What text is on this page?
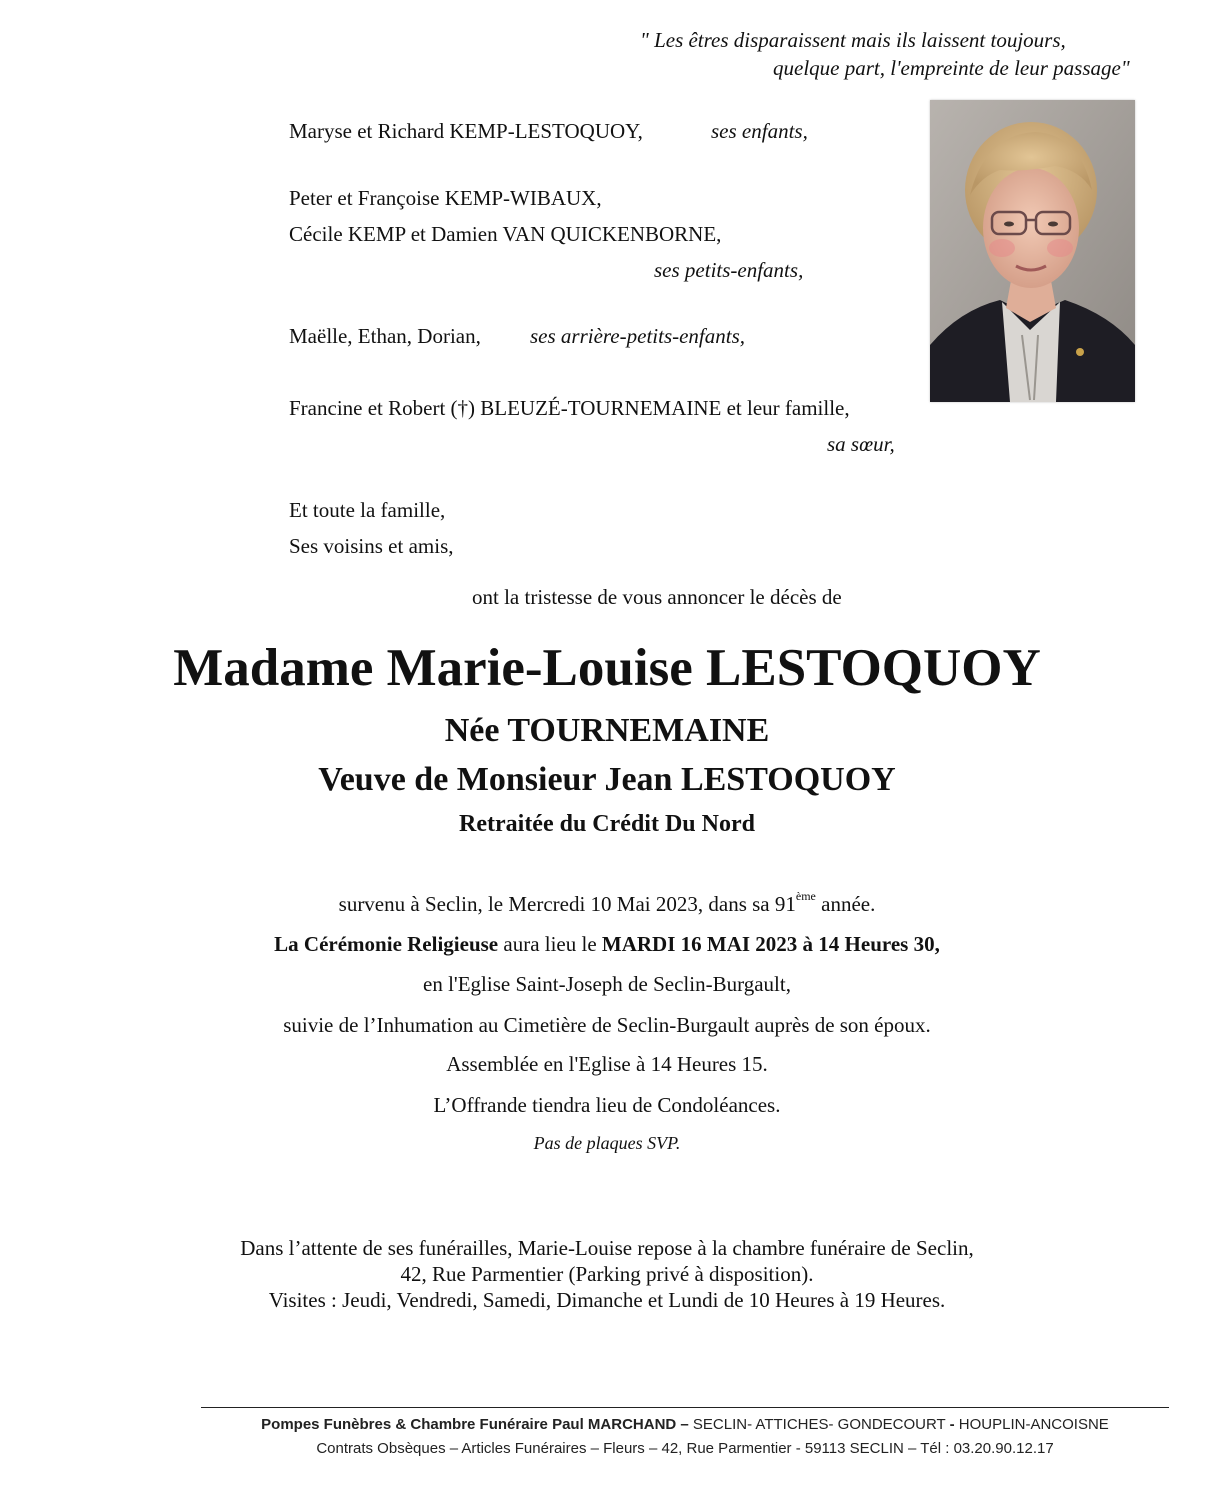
" Les êtres disparaissent mais ils laissent toujours,
quelque part, l'empreinte de leur passage"
Maryse et Richard KEMP-LESTOQUOY,	ses enfants,
Peter et Françoise KEMP-WIBAUX,
Cécile KEMP et Damien VAN QUICKENBORNE,
ses petits-enfants,
Maëlle, Ethan, Dorian, ses arrière-petits-enfants,
Francine et Robert (†) BLEUZÉ-TOURNEMAINE et leur famille,
sa sœur,
Et toute la famille,
Ses voisins et amis,
ont la tristesse de vous annoncer le décès de
Madame Marie-Louise LESTOQUOY
Née TOURNEMAINE
Veuve de Monsieur Jean LESTOQUOY
Retraitée du Crédit Du Nord
survenu à Seclin, le Mercredi 10 Mai 2023, dans sa 91ème année.
La Cérémonie Religieuse aura lieu le MARDI 16 MAI 2023 à 14 Heures 30,
en l'Eglise Saint-Joseph de Seclin-Burgault,
suivie de l’Inhumation au Cimetière de Seclin-Burgault auprès de son époux.
Assemblée en l'Eglise à 14 Heures 15.
L’Offrande tiendra lieu de Condoléances.
Pas de plaques SVP.
Dans l’attente de ses funérailles, Marie-Louise repose à la chambre funéraire de Seclin,
42, Rue Parmentier (Parking privé à disposition).
Visites : Jeudi, Vendredi, Samedi, Dimanche et Lundi de 10 Heures à 19 Heures.
Pompes Funèbres & Chambre Funéraire Paul MARCHAND – SECLIN- ATTICHES- GONDECOURT - HOUPLIN-ANCOISNE
Contrats Obsèques – Articles Funéraires – Fleurs – 42, Rue Parmentier - 59113 SECLIN – Tél : 03.20.90.12.17
